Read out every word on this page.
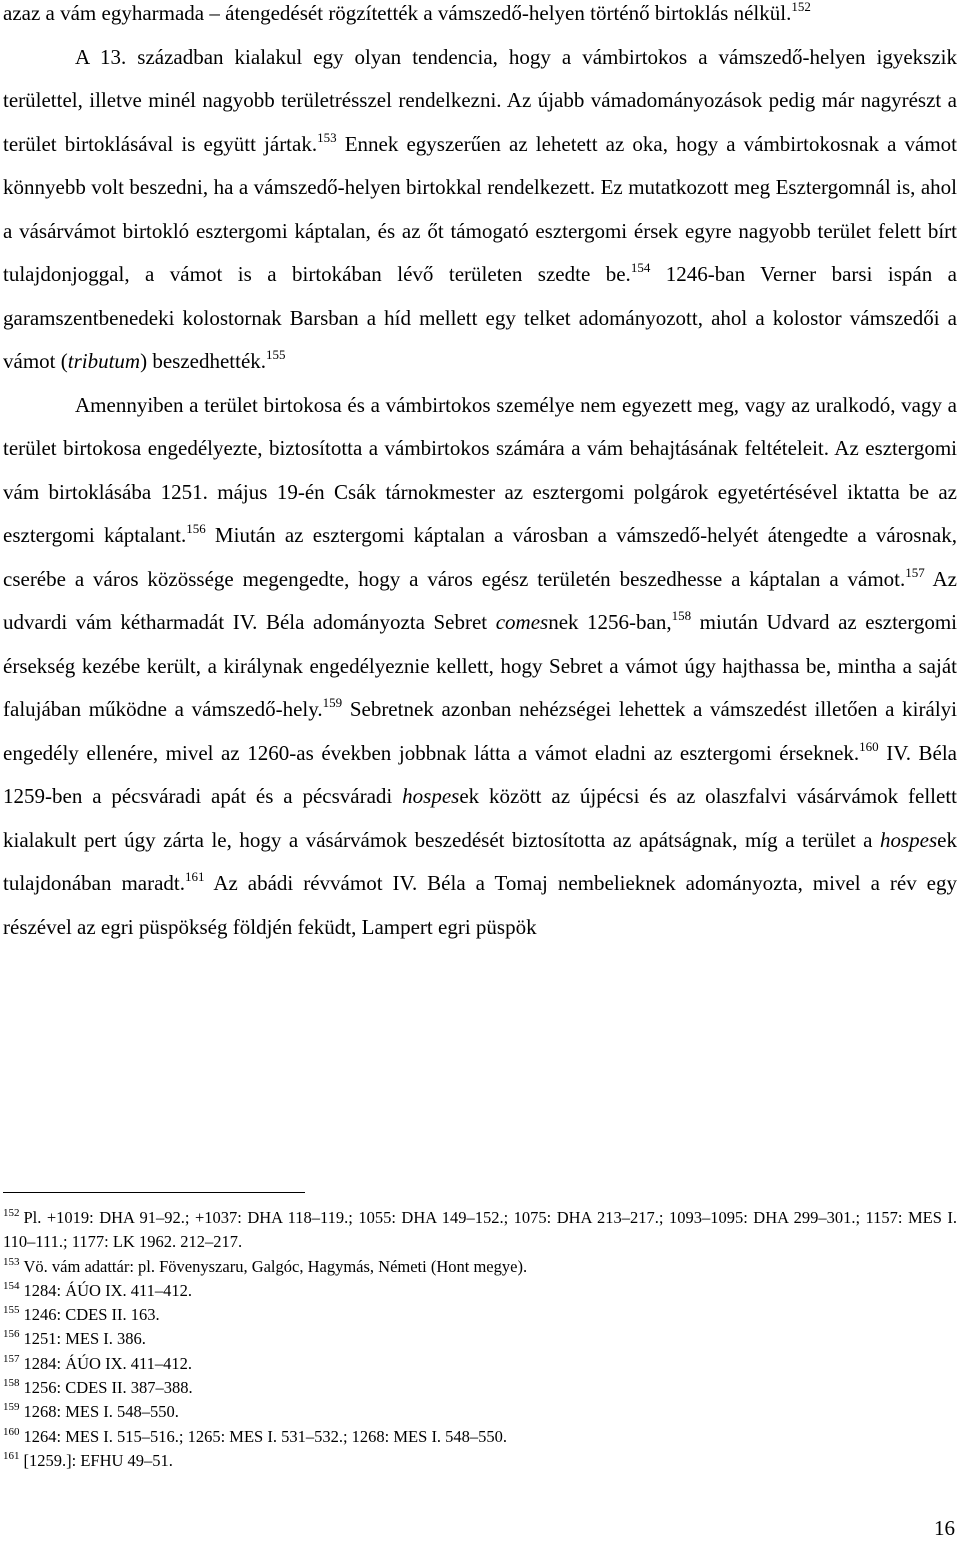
azaz a vám egyharmada – átengedését rögzítették a vámszedő-helyen történő birtoklás nélkül.$^{152}$

A 13. században kialakul egy olyan tendencia, hogy a vámbirtokos a vámszedő-helyen igyekszik területtel, illetve minél nagyobb területrésszel rendelkezni. Az újabb vámadományozások pedig már nagyrészt a terület birtoklásával is együtt jártak.$^{153}$ Ennek egyszerűen az lehetett az oka, hogy a vámbirtokosnak a vámot könnyebb volt beszedni, ha a vámszedő-helyen birtokkal rendelkezett. Ez mutatkozott meg Esztergomnál is, ahol a vásárvámot birtokló esztergomi káptalan, és az őt támogató esztergomi érsek egyre nagyobb terület felett bírt tulajdonjoggal, a vámot is a birtokában lévő területen szedte be.$^{154}$ 1246-ban Verner barsi ispán a garamszentbenedeki kolostornak Barsban a híd mellett egy telket adományozott, ahol a kolostor vámszedői a vámot (tributum) beszedhették.$^{155}$

Amennyiben a terület birtokosa és a vámbirtokos személye nem egyezett meg, vagy az uralkodó, vagy a terület birtokosa engedélyezte, biztosította a vámbirtokos számára a vám behajtásának feltételeit. Az esztergomi vám birtoklásába 1251. május 19-én Csák tárnokmester az esztergomi polgárok egyetértésével iktatta be az esztergomi káptalant.$^{156}$ Miután az esztergomi káptalan a városban a vámszedő-helyét átengedte a városnak, cserébe a város közössége megengedte, hogy a város egész területén beszedhesse a káptalan a vámot.$^{157}$ Az udvardi vám kétharmadát IV. Béla adományozta Sebret comesnek 1256-ban,$^{158}$ miután Udvard az esztergomi érsekség kezébe került, a királynak engedélyeznie kellett, hogy Sebret a vámot úgy hajthassa be, mintha a saját falujában működne a vámszedő-hely.$^{159}$ Sebretnek azonban nehézségei lehettek a vámszedést illetően a királyi engedély ellenére, mivel az 1260-as években jobbnak látta a vámot eladni az esztergomi érseknek.$^{160}$ IV. Béla 1259-ben a pécsváradi apát és a pécsváradi hospesek között az újpécsi és az olaszfalvi vásárvámok fellett kialakult pert úgy zárta le, hogy a vásárvámok beszedését biztosította az apátságnak, míg a terület a hospesek tulajdonában maradt.$^{161}$ Az abádi révvámot IV. Béla a Tomaj nembelieknek adományozta, mivel a rév egy részével az egri püspökség földjén feküdt, Lampert egri püspök

$^{152}$ Pl. +1019: DHA 91–92.; +1037: DHA 118–119.; 1055: DHA 149–152.; 1075: DHA 213–217.; 1093–1095: DHA 299–301.; 1157: MES I. 110–111.; 1177: LK 1962. 212–217.
$^{153}$ Vö. vám adattár: pl. Fövenyszaru, Galgóc, Hagymás, Németi (Hont megye).
$^{154}$ 1284: ÁÚO IX. 411–412.
$^{155}$ 1246: CDES II. 163.
$^{156}$ 1251: MES I. 386.
$^{157}$ 1284: ÁÚO IX. 411–412.
$^{158}$ 1256: CDES II. 387–388.
$^{159}$ 1268: MES I. 548–550.
$^{160}$ 1264: MES I. 515–516.; 1265: MES I. 531–532.; 1268: MES I. 548–550.
$^{161}$ [1259.]: EFHU 49–51.
16
